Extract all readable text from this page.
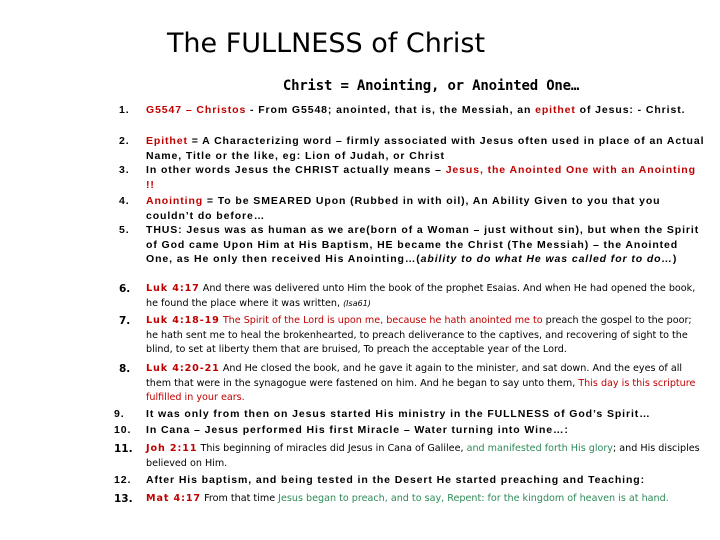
The FULLNESS of Christ
Christ = Anointing, or Anointed One…
1. G5547 – Christos - From G5548; anointed, that is, the Messiah, an epithet of Jesus: - Christ.
2. Epithet = A Characterizing word – firmly associated with Jesus often used in place of an Actual Name, Title or the like, eg: Lion of Judah, or Christ
3. In other words Jesus the CHRIST actually means – Jesus, the Anointed One with an Anointing !!
4. Anointing = To be SMEARED Upon (Rubbed in with oil), An Ability Given to you that you couldn’t do before…
5. THUS: Jesus was as human as we are(born of a Woman – just without sin), but when the Spirit of God came Upon Him at His Baptism, HE became the Christ (The Messiah) – the Anointed One, as He only then received His Anointing…(ability to do what He was called for to do…)
6. Luk 4:17 And there was delivered unto Him the book of the prophet Esaias. And when He had opened the book, he found the place where it was written, (Isa61)
7. Luk 4:18-19 The Spirit of the Lord is upon me, because he hath anointed me to preach the gospel to the poor; he hath sent me to heal the brokenhearted, to preach deliverance to the captives, and recovering of sight to the blind, to set at liberty them that are bruised, To preach the acceptable year of the Lord.
8. Luk 4:20-21 And He closed the book, and he gave it again to the minister, and sat down. And the eyes of all them that were in the synagogue were fastened on him. And he began to say unto them, This day is this scripture fulfilled in your ears.
9. It was only from then on Jesus started His ministry in the FULLNESS of God’s Spirit…
10. In Cana – Jesus performed His first Miracle – Water turning into Wine…:
11. Joh 2:11 This beginning of miracles did Jesus in Cana of Galilee, and manifested forth His glory; and His disciples believed on Him.
12. After His baptism, and being tested in the Desert He started preaching and Teaching:
13. Mat 4:17 From that time Jesus began to preach, and to say, Repent: for the kingdom of heaven is at hand.
